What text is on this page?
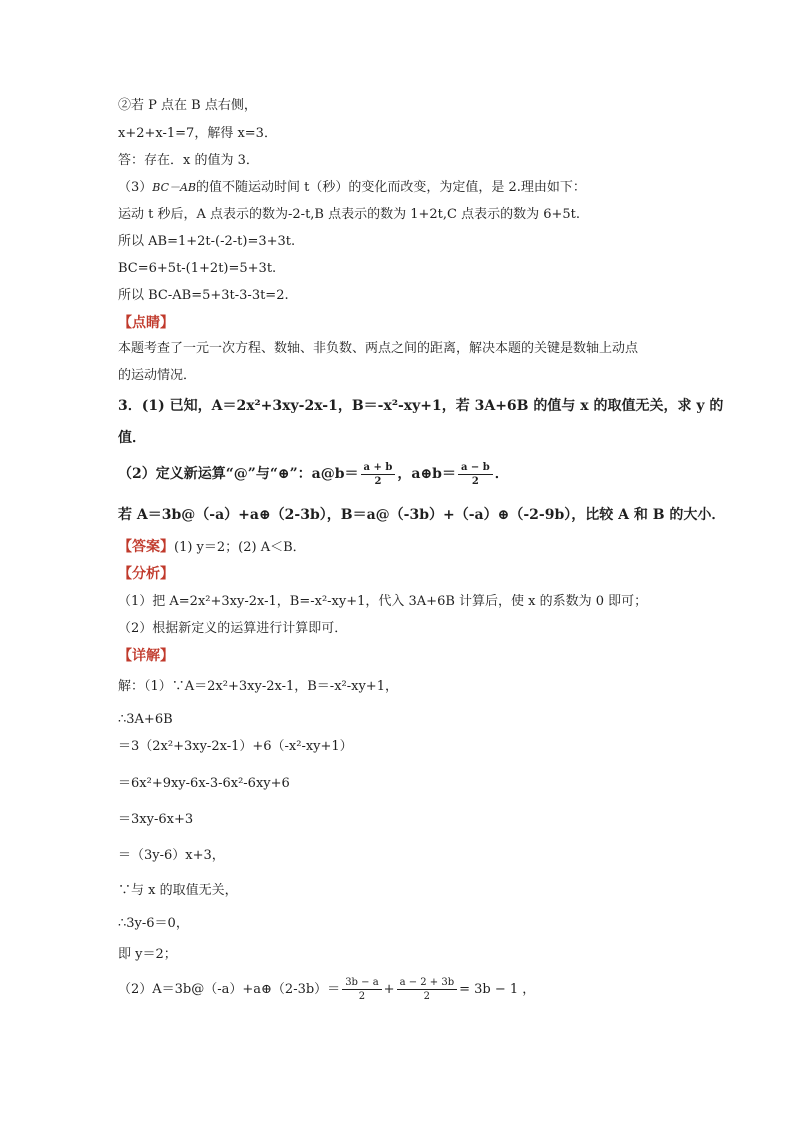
②若 P 点在 B 点右侧，
x+2+x-1=7，解得 x=3．
答：存在．x 的值为 3．
（3）BC－AB的值不随运动时间 t（秒）的变化而改变，为定值，是 2.理由如下：
运动 t 秒后，A 点表示的数为-2-t,B 点表示的数为 1+2t,C 点表示的数为 6+5t.
所以 AB=1+2t-(-2-t)=3+3t.
BC=6+5t-(1+2t)=5+3t.
所以 BC-AB=5+3t-3-3t=2.
【点睛】
本题考查了一元一次方程、数轴、非负数、两点之间的距离，解决本题的关键是数轴上动点
的运动情况．
3．(1) 已知，A＝2x²+3xy-2x-1，B＝-x²-xy+1，若 3A+6B 的值与 x 的取值无关，求 y 的
值．
（2）定义新运算“@”与“⊕”：a@b＝ $\frac{a + b}{2}$ ，a⊕b＝ $\frac{a - b}{2}$ ．
若 A＝3b@（-a）+a⊕（2-3b），B＝a@（-3b）+（-a）⊕（-2-9b），比较 A 和 B 的大小．
【答案】(1) y＝2；(2) A＜B．
【分析】
（1）把 A=2x²+3xy-2x-1，B=-x²-xy+1，代入 3A+6B 计算后，使 x 的系数为 0 即可；
（2）根据新定义的运算进行计算即可．
【详解】
解：（1）∵A＝2x²+3xy-2x-1，B＝-x²-xy+1，
∴3A+6B
＝3（2x²+3xy-2x-1）+6（-x²-xy+1）
＝6x²+9xy-6x-3-6x²-6xy+6
＝3xy-6x+3
＝（3y-6）x+3，
∵与 x 的取值无关，
∴3y-6＝0，
即 y＝2；
（2）A＝3b@（-a）+a⊕（2-3b）＝ $\frac{3b - a}{2} + \frac{a - 2 + 3b}{2} = 3b - 1$ ，
